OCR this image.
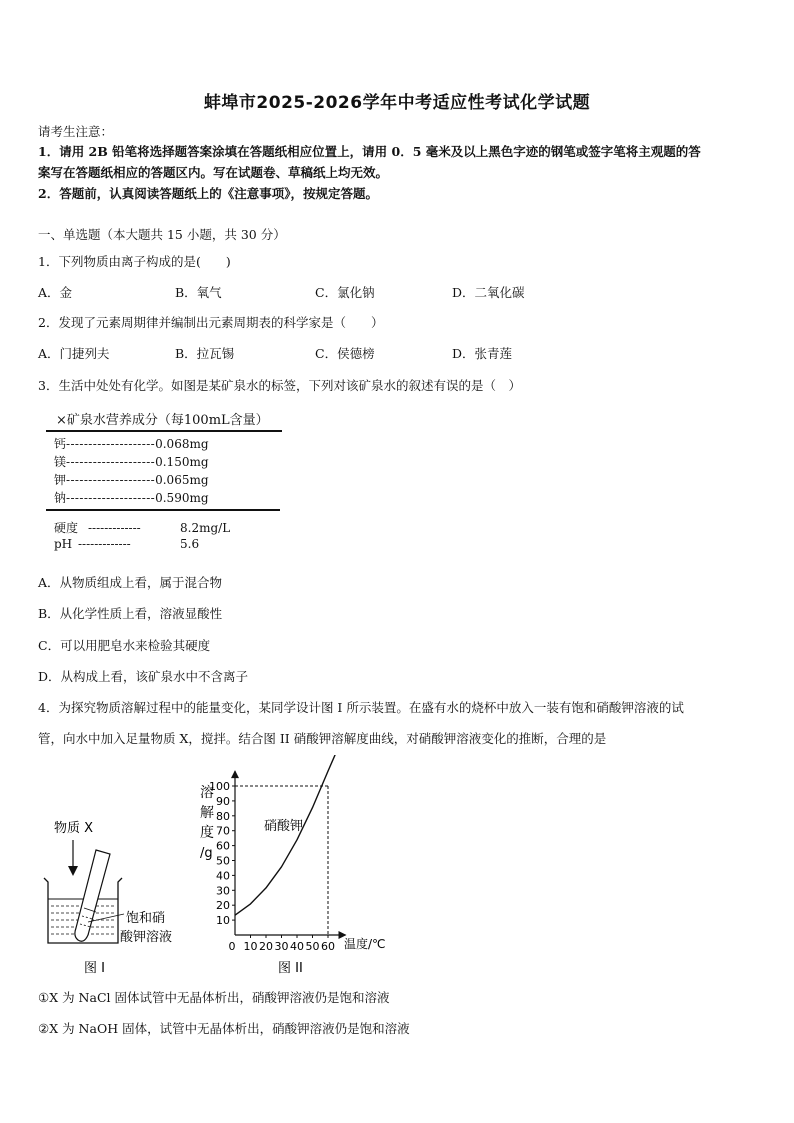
蚌埠市2025-2026学年中考适应性考试化学试题
请考生注意：
1．请用 2B 铅笔将选择题答案涂填在答题纸相应位置上，请用 0．5 毫米及以上黑色字迹的钢笔或签字笔将主观题的答
案写在答题纸相应的答题区内。写在试题卷、草稿纸上均无效。
2．答题前，认真阅读答题纸上的《注意事项》，按规定答题。
一、单选题（本大题共 15 小题，共 30 分）
1．下列物质由离子构成的是(　　)
A．金	B．氧气	C．氯化钠	D．二氧化碳
2．发现了元素周期律并编制出元素周期表的科学家是（　　）
A．门捷列夫	B．拉瓦锡	C．侯德榜	D．张青莲
3．生活中处处有化学。如图是某矿泉水的标签，下列对该矿泉水的叙述有误的是（　）
×矿泉水营养成分（每100mL含量）
钙--------------------0.068mg
镁--------------------0.150mg
钾--------------------0.065mg
钠--------------------0.590mg
硬度 -------------	8.2mg/L
pH -------------	5.6
A．从物质组成上看，属于混合物
B．从化学性质上看，溶液显酸性
C．可以用肥皂水来检验其硬度
D．从构成上看，该矿泉水中不含离子
4．为探究物质溶解过程中的能量变化，某同学设计图 I 所示装置。在盛有水的烧杯中放入一装有饱和硝酸钾溶液的试
管，向水中加入足量物质 X，搅拌。结合图 II 硝酸钾溶解度曲线，对硝酸钾溶液变化的推断，合理的是
物质 X
饱和硝
酸钾溶液
图 I
溶
解
度
/g
10
20
30
40
50
60
70
80
90
100
0 10 20 30 40 50 60
硝酸钾
温度/℃
图 II
①X 为 NaCl 固体试管中无晶体析出，硝酸钾溶液仍是饱和溶液
②X 为 NaOH 固体，试管中无晶体析出，硝酸钾溶液仍是饱和溶液
